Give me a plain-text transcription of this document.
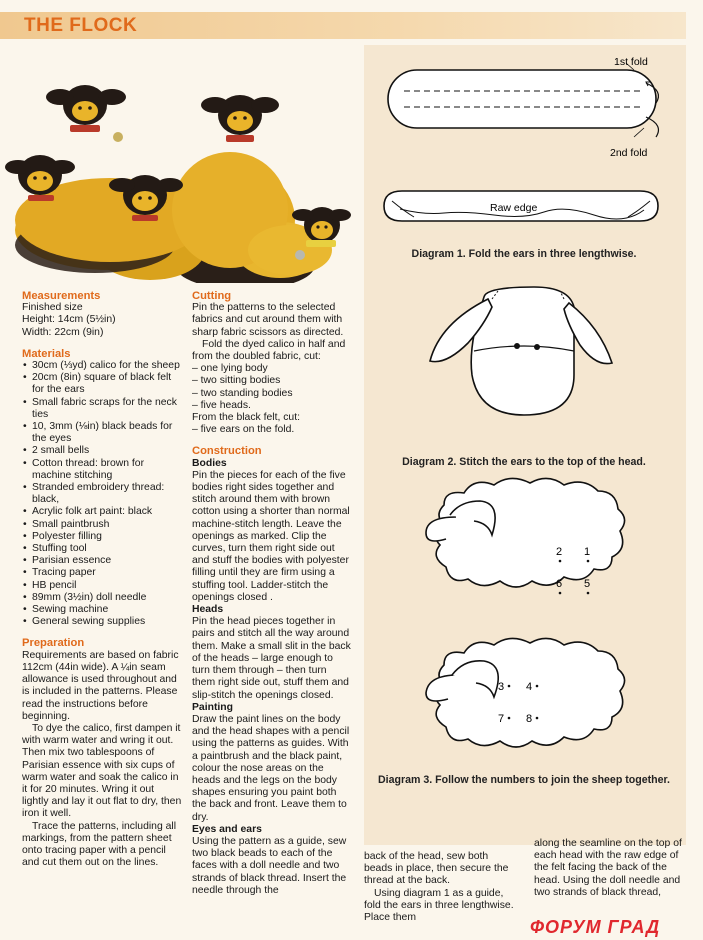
THE FLOCK
Measurements

Finished size

Height: 14cm (5½in)

Width: 22cm (9in)

Materials
• 30cm (⅓yd) calico for the sheep
• 20cm (8in) square of black felt for the ears
• Small fabric scraps for the neck ties
• 10, 3mm (⅛in) black beads for the eyes
• 2 small bells
• Cotton thread: brown for machine stitching
• Stranded embroidery thread: black,
• Acrylic folk art paint: black
• Small paintbrush
• Polyester filling
• Stuffing tool
• Parisian essence
• Tracing paper
• HB pencil
• 89mm (3½in) doll needle
• Sewing machine
• General sewing supplies
Preparation

Requirements are based on fabric 112cm (44in wide). A ¼in seam allowance is used throughout and is included in the patterns. Please read the instructions before beginning.

To dye the calico, first dampen it with warm water and wring it out. Then mix two tablespoons of Parisian essence with six cups of warm water and soak the calico in it for 20 minutes. Wring it out lightly and lay it out flat to dry, then iron it well.

Trace the patterns, including all markings, from the pattern sheet onto tracing paper with a pencil and cut them out on the lines.

Cutting

Pin the patterns to the selected fabrics and cut around them with sharp fabric scissors as directed.

Fold the dyed calico in half and from the doubled fabric, cut:

– one lying body

– two sitting bodies

– two standing bodies

– five heads.

From the black felt, cut:

– five ears on the fold.

Construction
Bodies

Pin the pieces for each of the five bodies right sides together and stitch around them with brown cotton using a shorter than normal machine-stitch length. Leave the openings as marked. Clip the curves, turn them right side out and stuff the bodies with polyester filling until they are firm using a stuffing tool. Ladder-stitch the openings closed .

Heads

Pin the head pieces together in pairs and stitch all the way around them. Make a small slit in the back of the heads – large enough to turn them through – then turn them right side out, stuff them and slip-stitch the openings closed.

Painting

Draw the paint lines on the body and the head shapes with a pencil using the patterns as guides. With a paintbrush and the black paint, colour the nose areas on the heads and the legs on the body shapes ensuring you paint both the back and front. Leave them to dry.

Eyes and ears

Using the pattern as a guide, sew two black beads to each of the faces with a doll needle and two strands of black thread. Insert the needle through the

1st fold
2nd fold
Raw edge
2 1
6 5
3 4
7 8
Diagram 1. Fold the ears in three lengthwise.
Diagram 2. Stitch the ears to the top of the head.
Diagram 3. Follow the numbers to join the sheep together.

back of the head, sew both beads in place, then secure the thread at the back.

Using diagram 1 as a guide, fold the ears in three lengthwise. Place them

along the seamline on the top of each head with the raw edge of the felt facing the back of the head. Using the doll needle and two strands of black thread,

ФОРУМ ГРАД
